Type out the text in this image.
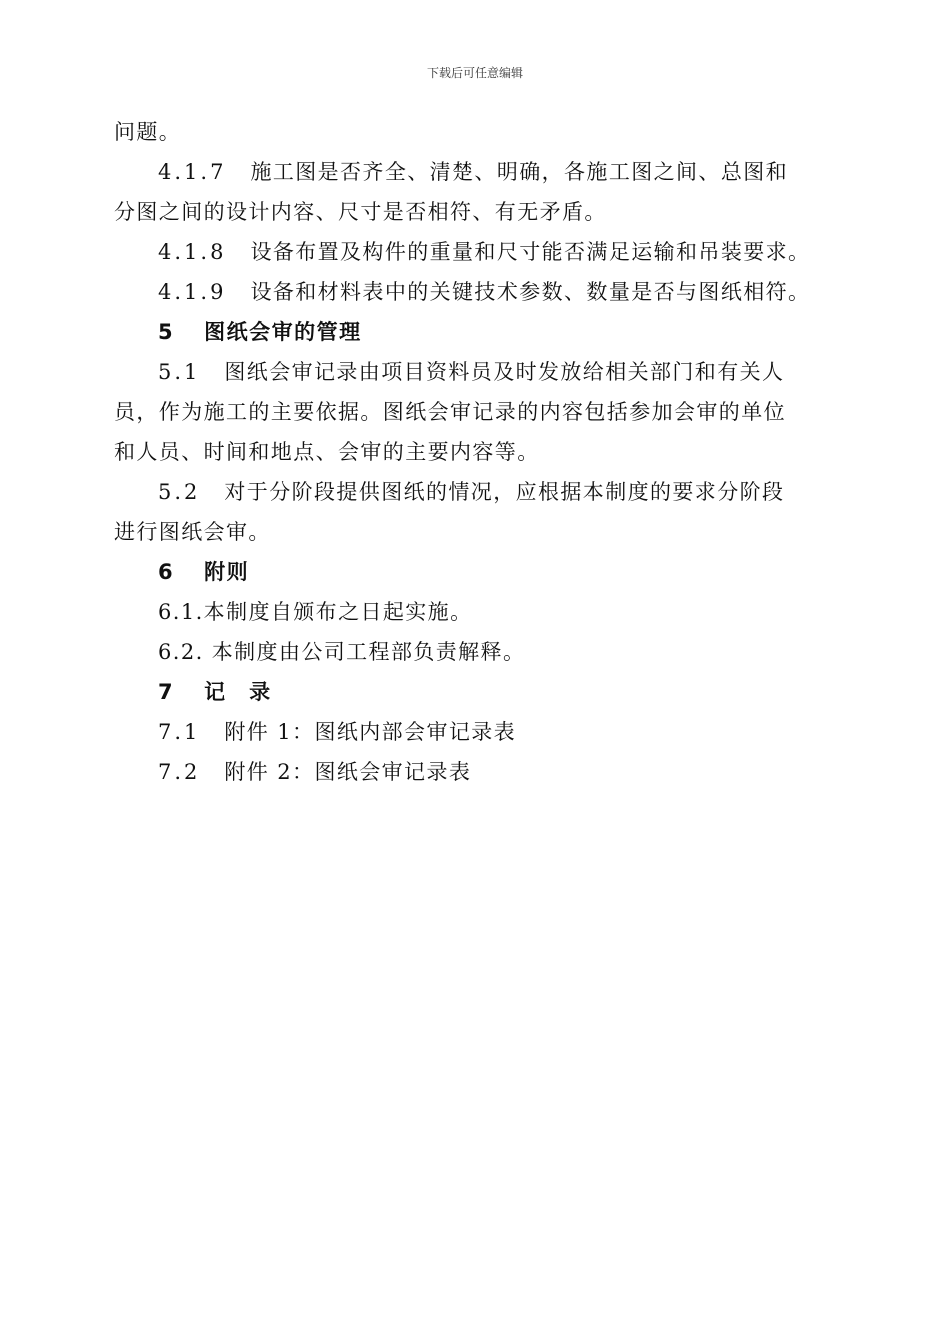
下载后可任意编辑
问题。
4.1.7 施工图是否齐全、清楚、明确，各施工图之间、总图和
分图之间的设计内容、尺寸是否相符、有无矛盾。
4.1.8 设备布置及构件的重量和尺寸能否满足运输和吊装要求。
4.1.9 设备和材料表中的关键技术参数、数量是否与图纸相符。
5 图纸会审的管理
5.1 图纸会审记录由项目资料员及时发放给相关部门和有关人
员，作为施工的主要依据。图纸会审记录的内容包括参加会审的单位
和人员、时间和地点、会审的主要内容等。
5.2 对于分阶段提供图纸的情况，应根据本制度的要求分阶段
进行图纸会审。
6 附则
6.1.本制度自颁布之日起实施。
6.2. 本制度由公司工程部负责解释。
7 记　录
7.1 附件 1：图纸内部会审记录表
7.2 附件 2：图纸会审记录表
